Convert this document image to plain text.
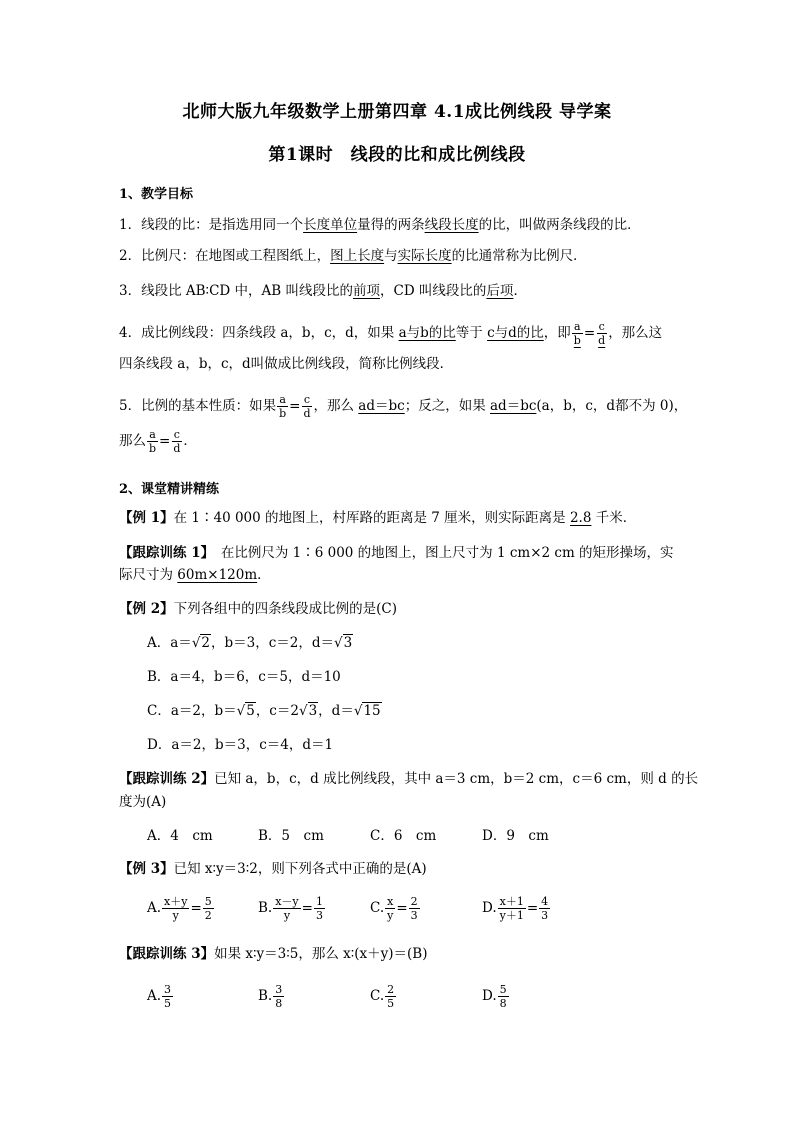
北师大版九年级数学上册第四章 4.1成比例线段 导学案
第1课时　线段的比和成比例线段
1、教学目标
1．线段的比：是指选用同一个长度单位量得的两条线段长度的比，叫做两条线段的比．
2．比例尺：在地图或工程图纸上，图上长度与实际长度的比通常称为比例尺．
3．线段比 AB∶CD 中，AB 叫线段比的前项，CD 叫线段比的后项．
4．成比例线段：四条线段 a，b，c，d，如果 a与b的比等于 c与d的比，即 $\frac{a}{b} = \frac{c}{d}$ ，那么这
四条线段 a，b，c，d叫做成比例线段，简称比例线段．
5．比例的基本性质：如果 $\frac{a}{b} = \frac{c}{d}$ ，那么 ad＝bc；反之，如果 ad＝bc(a，b，c，d都不为 0)，
那么 $\frac{a}{b} = \frac{c}{d}$ ．
2、课堂精讲精练
【例 1】在 1∶40 000 的地图上，村厍路的距离是 7 厘米，则实际距离是 2.8 千米．
【跟踪训练 1】　在比例尺为 1∶6 000 的地图上，图上尺寸为 1 cm×2 cm 的矩形操场，实
际尺寸为 60m×120m．
【例 2】下列各组中的四条线段成比例的是(C)
A．a＝√2，b＝3，c＝2，d＝√3
B．a＝4，b＝6，c＝5，d＝10
C．a＝2，b＝√5，c＝2√3，d＝√15
D．a＝2，b＝3，c＝4，d＝1
【跟踪训练 2】已知 a，b，c，d 成比例线段，其中 a＝3 cm，b＝2 cm，c＝6 cm，则 d 的长
度为(A)
A．4　cm	B．5　cm	C．6　cm	D．9　cm
【例 3】已知 x∶y＝3∶2，则下列各式中正确的是(A)
A. $\frac{x+y}{y} = \frac{5}{2}$	B. $\frac{x-y}{y} = \frac{1}{3}$	C. $\frac{x}{y} = \frac{2}{3}$	D. $\frac{x+1}{y+1} = \frac{4}{3}$
【跟踪训练 3】如果 x∶y＝3∶5，那么 x∶(x＋y)＝(B)
A. $\frac{3}{5}$	B. $\frac{3}{8}$	C. $\frac{2}{5}$	D. $\frac{5}{8}$
